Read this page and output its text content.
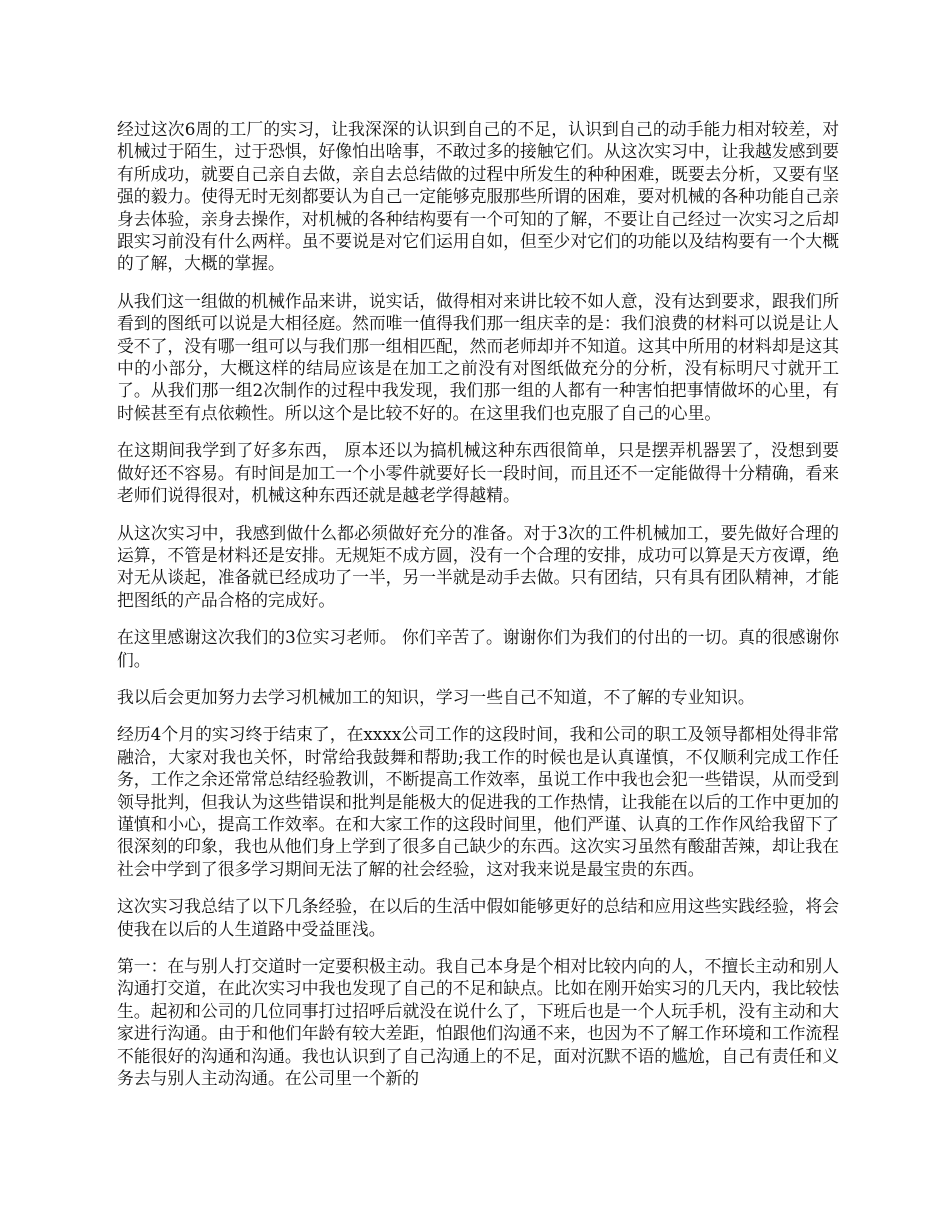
经过这次6周的工厂的实习，让我深深的认识到自己的不足，认识到自己的动手能力相对较差，对机械过于陌生，过于恐惧，好像怕出啥事，不敢过多的接触它们。从这次实习中，让我越发感到要有所成功，就要自己亲自去做，亲自去总结做的过程中所发生的种种困难，既要去分析，又要有坚强的毅力。使得无时无刻都要认为自己一定能够克服那些所谓的困难，要对机械的各种功能自己亲身去体验，亲身去操作，对机械的各种结构要有一个可知的了解，不要让自己经过一次实习之后却跟实习前没有什么两样。虽不要说是对它们运用自如，但至少对它们的功能以及结构要有一个大概的了解，大概的掌握。

从我们这一组做的机械作品来讲，说实话，做得相对来讲比较不如人意，没有达到要求，跟我们所看到的图纸可以说是大相径庭。然而唯一值得我们那一组庆幸的是：我们浪费的材料可以说是让人受不了，没有哪一组可以与我们那一组相匹配，然而老师却并不知道。这其中所用的材料却是这其中的小部分，大概这样的结局应该是在加工之前没有对图纸做充分的分析，没有标明尺寸就开工了。从我们那一组2次制作的过程中我发现，我们那一组的人都有一种害怕把事情做坏的心里，有时候甚至有点依赖性。所以这个是比较不好的。在这里我们也克服了自己的心里。

在这期间我学到了好多东西， 原本还以为搞机械这种东西很简单，只是摆弄机器罢了，没想到要做好还不容易。有时间是加工一个小零件就要好长一段时间，而且还不一定能做得十分精确，看来老师们说得很对，机械这种东西还就是越老学得越精。

从这次实习中，我感到做什么都必须做好充分的准备。对于3次的工件机械加工，要先做好合理的运算，不管是材料还是安排。无规矩不成方圆，没有一个合理的安排，成功可以算是天方夜谭，绝对无从谈起，准备就已经成功了一半，另一半就是动手去做。只有团结，只有具有团队精神，才能把图纸的产品合格的完成好。

在这里感谢这次我们的3位实习老师。 你们辛苦了。谢谢你们为我们的付出的一切。真的很感谢你们。

我以后会更加努力去学习机械加工的知识，学习一些自己不知道，不了解的专业知识。

经历4个月的实习终于结束了，在xxxx公司工作的这段时间，我和公司的职工及领导都相处得非常融洽，大家对我也关怀，时常给我鼓舞和帮助;我工作的时候也是认真谨慎，不仅顺利完成工作任务，工作之余还常常总结经验教训，不断提高工作效率，虽说工作中我也会犯一些错误，从而受到领导批判，但我认为这些错误和批判是能极大的促进我的工作热情，让我能在以后的工作中更加的谨慎和小心，提高工作效率。在和大家工作的这段时间里，他们严谨、认真的工作作风给我留下了很深刻的印象，我也从他们身上学到了很多自己缺少的东西。这次实习虽然有酸甜苦辣，却让我在社会中学到了很多学习期间无法了解的社会经验，这对我来说是最宝贵的东西。

这次实习我总结了以下几条经验，在以后的生活中假如能够更好的总结和应用这些实践经验，将会使我在以后的人生道路中受益匪浅。

第一：在与别人打交道时一定要积极主动。我自己本身是个相对比较内向的人，不擅长主动和别人沟通打交道，在此次实习中我也发现了自己的不足和缺点。比如在刚开始实习的几天内，我比较怯生。起初和公司的几位同事打过招呼后就没在说什么了，下班后也是一个人玩手机，没有主动和大家进行沟通。由于和他们年龄有较大差距，怕跟他们沟通不来，也因为不了解工作环境和工作流程不能很好的沟通和沟通。我也认识到了自己沟通上的不足，面对沉默不语的尴尬，自己有责任和义务去与别人主动沟通。在公司里一个新的
